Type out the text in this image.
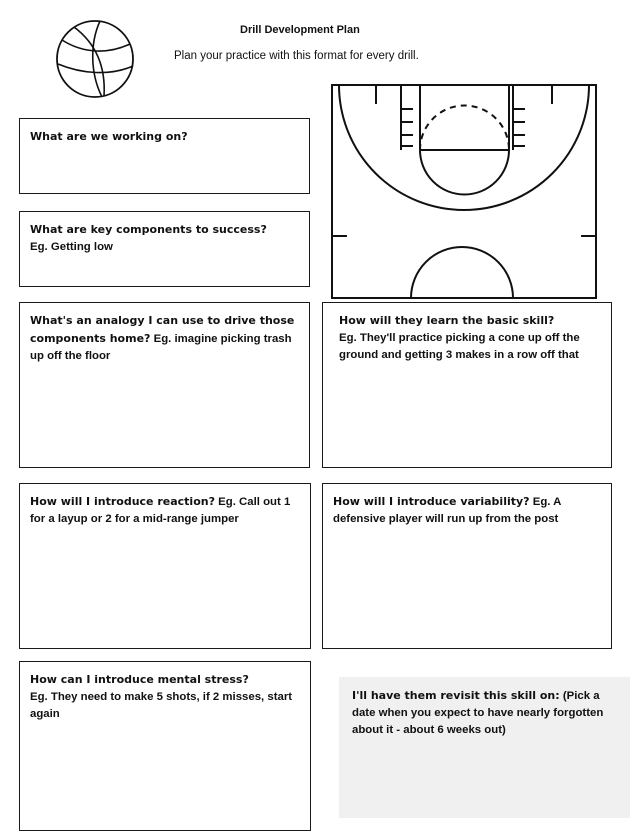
Drill Development Plan
Plan your practice with this format for every drill.
What are we working on?
What are key components to success?
Eg. Getting low
What's an analogy I can use to drive those components home? Eg. imagine picking trash up off the floor
How will they learn the basic skill?
Eg. They'll practice picking a cone up off the ground and getting 3 makes in a row off that
How will I introduce reaction? Eg. Call out 1 for a layup or 2 for a mid-range jumper
How will I introduce variability? Eg. A defensive player will run up from the post
How can I introduce mental stress?
Eg. They need to make 5 shots, if 2 misses, start again
I'll have them revisit this skill on: (Pick a date when you expect to have nearly forgotten about it - about 6 weeks out)
